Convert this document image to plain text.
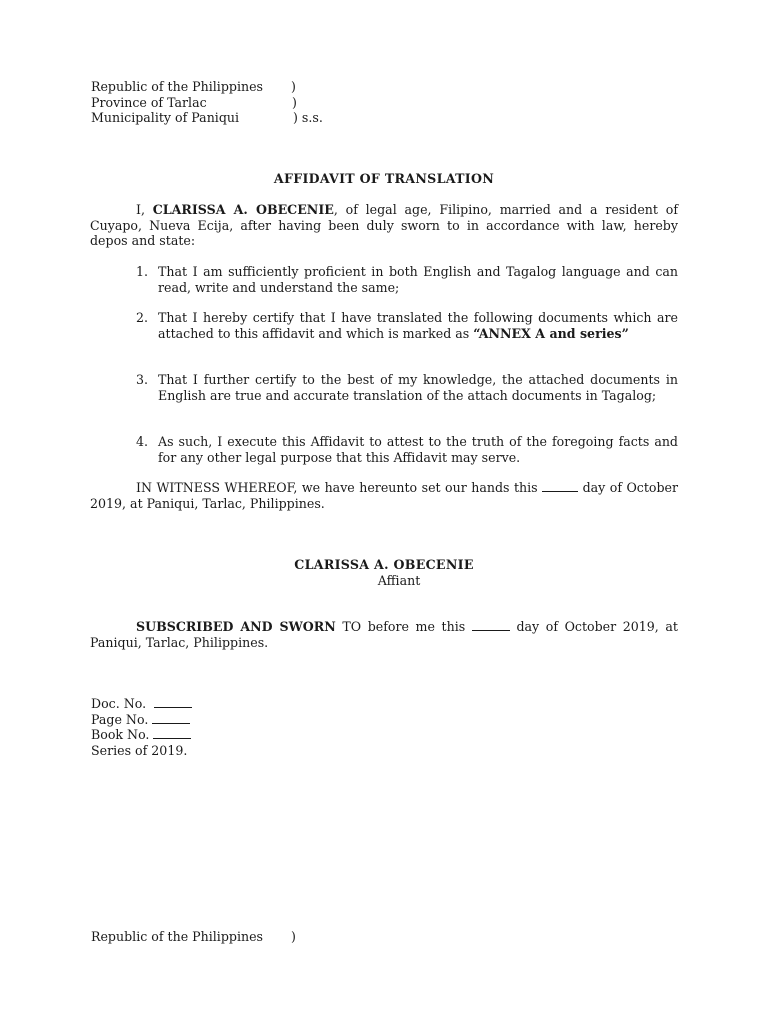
Republic of the Philippines )
Province of Tarlac	)
Municipality of Paniqui	) s.s.
AFFIDAVIT OF TRANSLATION
I, CLARISSA A. OBECENIE, of legal age, Filipino, married and a resident of Cuyapo, Nueva Ecija, after having been duly sworn to in accordance with law, hereby depos and state:
1. That I am sufficiently proficient in both English and Tagalog language and can read, write and understand the same;
2. That I hereby certify that I have translated the following documents which are attached to this affidavit and which is marked as “ANNEX A and series”
3. That I further certify to the best of my knowledge, the attached documents in English are true and accurate translation of the attach documents in Tagalog;
4. As such, I execute this Affidavit to attest to the truth of the foregoing facts and for any other legal purpose that this Affidavit may serve.
IN WITNESS WHEREOF, we have hereunto set our hands this	day of October 2019, at Paniqui, Tarlac, Philippines.
CLARISSA A. OBECENIE
Affiant
SUBSCRIBED AND SWORN TO before me this	day of October 2019, at Paniqui, Tarlac, Philippines.
Doc. No.
Page No.
Book No.
Series of 2019.
Republic of the Philippines )
